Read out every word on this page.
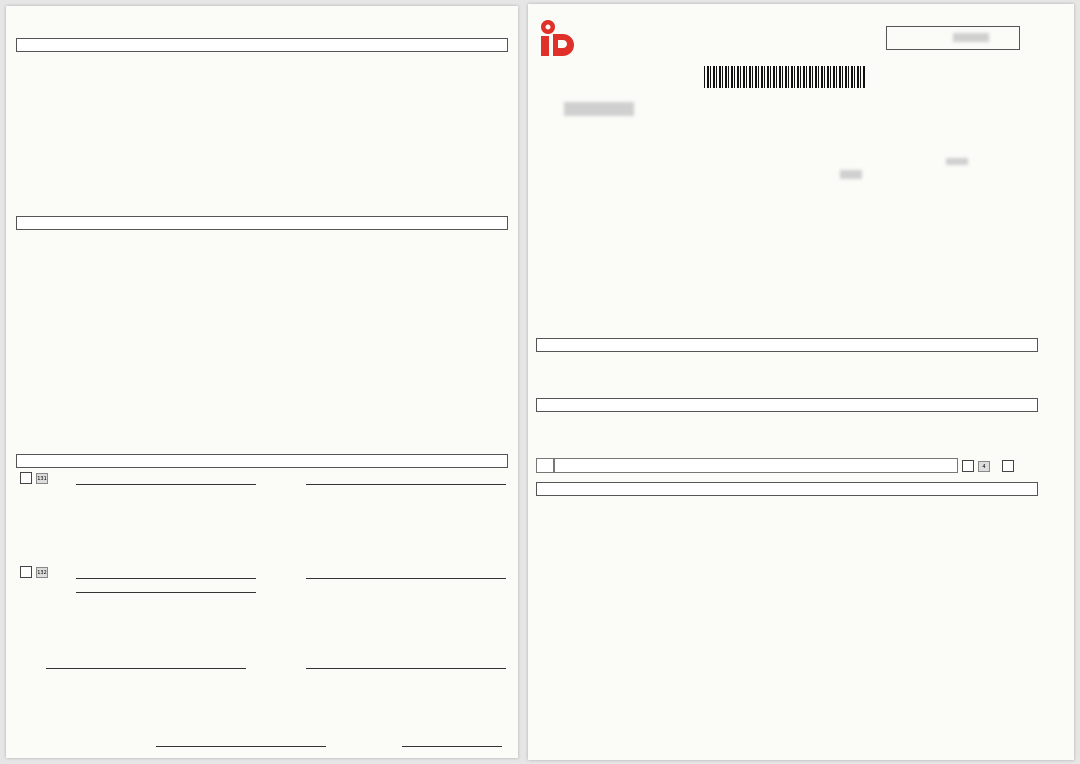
131
132
4
